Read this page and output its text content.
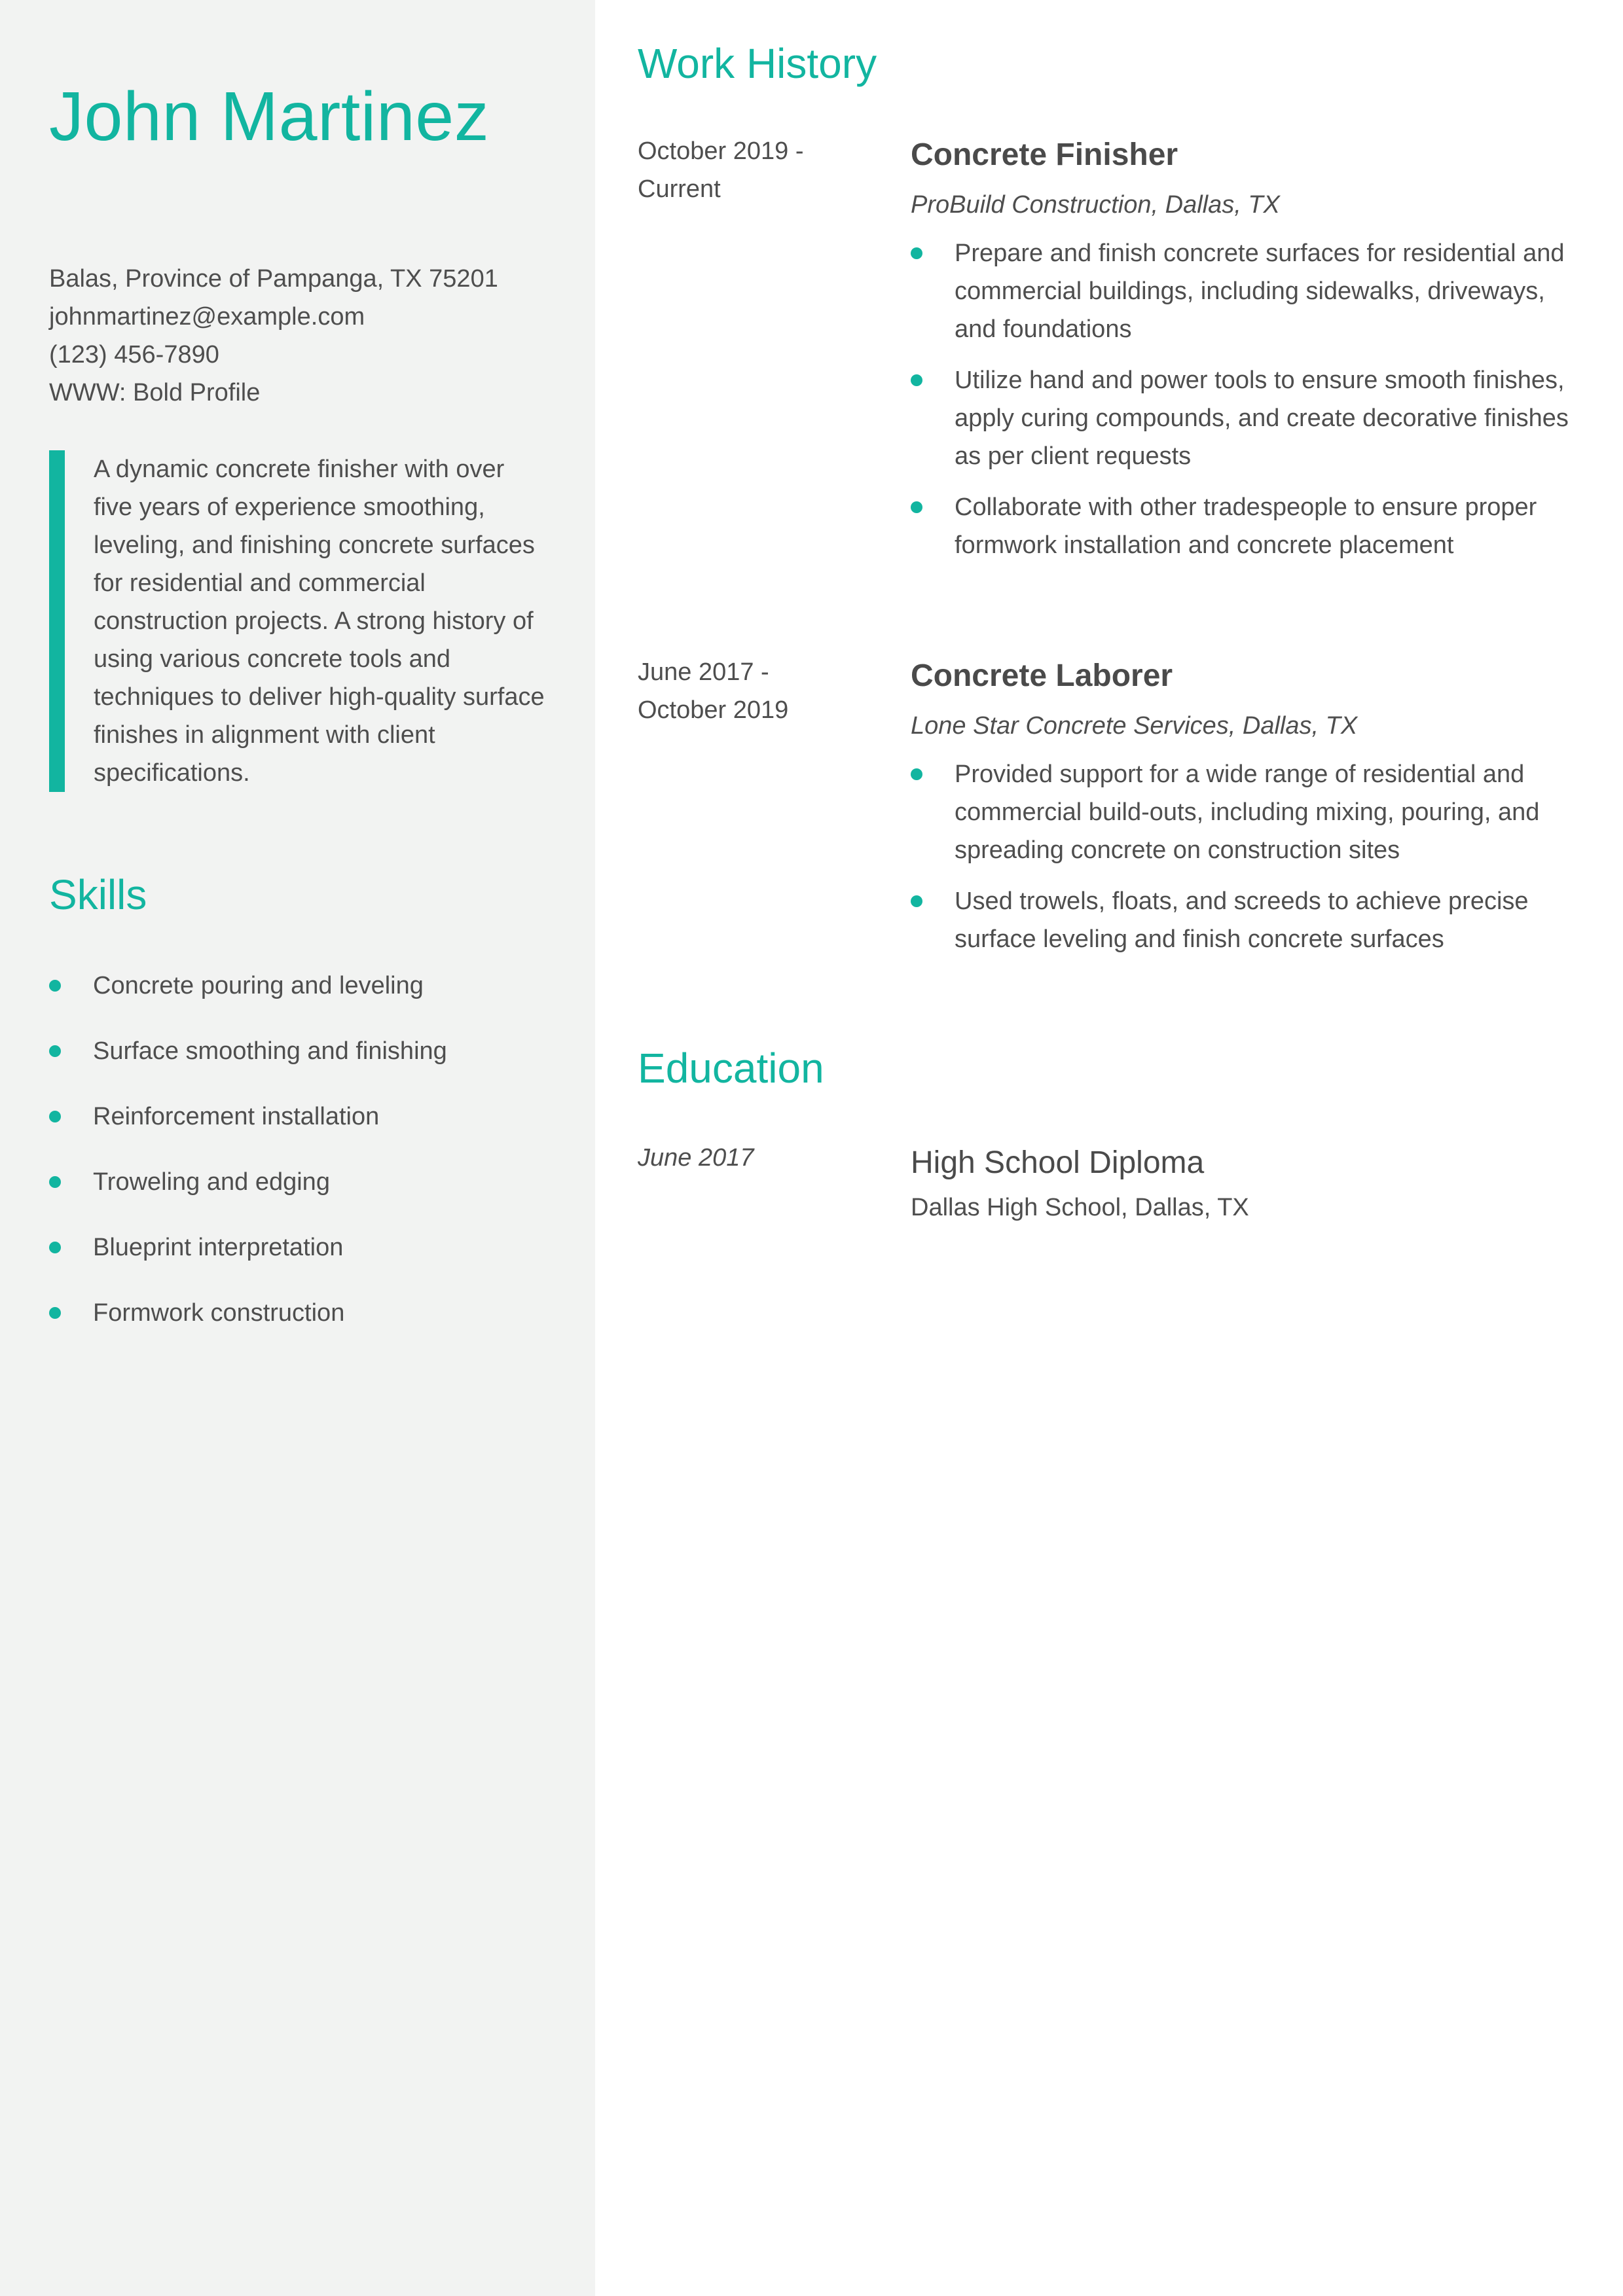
John Martinez
Balas, Province of Pampanga, TX 75201
johnmartinez@example.com
(123) 456-7890
WWW: Bold Profile
A dynamic concrete finisher with over five years of experience smoothing, leveling, and finishing concrete surfaces for residential and commercial construction projects. A strong history of using various concrete tools and techniques to deliver high-quality surface finishes in alignment with client specifications.
Skills
Concrete pouring and leveling
Surface smoothing and finishing
Reinforcement installation
Troweling and edging
Blueprint interpretation
Formwork construction
Work History
October 2019 -
Current
Concrete Finisher
ProBuild Construction, Dallas, TX
Prepare and finish concrete surfaces for residential and commercial buildings, including sidewalks, driveways, and foundations
Utilize hand and power tools to ensure smooth finishes, apply curing compounds, and create decorative finishes as per client requests
Collaborate with other tradespeople to ensure proper formwork installation and concrete placement
June 2017 -
October 2019
Concrete Laborer
Lone Star Concrete Services, Dallas, TX
Provided support for a wide range of residential and commercial build-outs, including mixing, pouring, and spreading concrete on construction sites
Used trowels, floats, and screeds to achieve precise surface leveling and finish concrete surfaces
Education
June 2017	High School Diploma
Dallas High School, Dallas, TX
